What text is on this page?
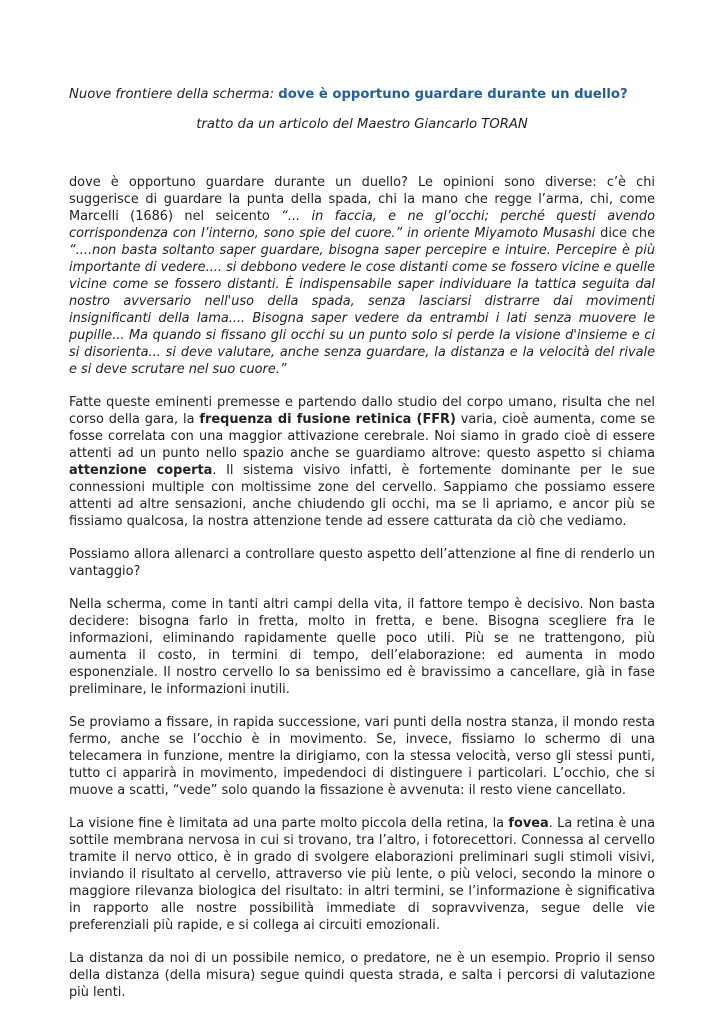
Nuove frontiere della scherma: dove è opportuno guardare durante un duello?

tratto da un articolo del Maestro Giancarlo TORAN

dove è opportuno guardare durante un duello? Le opinioni sono diverse: c’è chi suggerisce di guardare la punta della spada, chi la mano che regge l’arma, chi, come Marcelli (1686) nel seicento “... in faccia, e ne gl’occhi; perché questi avendo corrispondenza con l’interno, sono spie del cuore.” in oriente Miyamoto Musashi dice che “....non basta soltanto saper guardare, bisogna saper percepire e intuire. Percepire è più importante di vedere.... si debbono vedere le cose distanti come se fossero vicine e quelle vicine come se fossero distanti. È indispensabile saper individuare la tattica seguita dal nostro avversario nell'uso della spada, senza lasciarsi distrarre dai movimenti insignificanti della lama.... Bisogna saper vedere da entrambi i lati senza muovere le pupille... Ma quando si fissano gli occhi su un punto solo si perde la visione d'insieme e ci si disorienta... si deve valutare, anche senza guardare, la distanza e la velocità del rivale e si deve scrutare nel suo cuore.”

Fatte queste eminenti premesse e partendo dallo studio del corpo umano, risulta che nel corso della gara, la frequenza di fusione retinica (FFR) varia, cioè aumenta, come se fosse correlata con una maggior attivazione cerebrale. Noi siamo in grado cioè di essere attenti ad un punto nello spazio anche se guardiamo altrove: questo aspetto si chiama attenzione coperta. Il sistema visivo infatti, è fortemente dominante per le sue connessioni multiple con moltissime zone del cervello. Sappiamo che possiamo essere attenti ad altre sensazioni, anche chiudendo gli occhi, ma se li apriamo, e ancor più se fissiamo qualcosa, la nostra attenzione tende ad essere catturata da ciò che vediamo.

Possiamo allora allenarci a controllare questo aspetto dell’attenzione al fine di renderlo un vantaggio?

Nella scherma, come in tanti altri campi della vita, il fattore tempo è decisivo. Non basta decidere: bisogna farlo in fretta, molto in fretta, e bene. Bisogna scegliere fra le informazioni, eliminando rapidamente quelle poco utili. Più se ne trattengono, più aumenta il costo, in termini di tempo, dell’elaborazione: ed aumenta in modo esponenziale. Il nostro cervello lo sa benissimo ed è bravissimo a cancellare, già in fase preliminare, le informazioni inutili.

Se proviamo a fissare, in rapida successione, vari punti della nostra stanza, il mondo resta fermo, anche se l’occhio è in movimento. Se, invece, fissiamo lo schermo di una telecamera in funzione, mentre la dirigiamo, con la stessa velocità, verso gli stessi punti, tutto ci apparirà in movimento, impedendoci di distinguere i particolari. L’occhio, che si muove a scatti, “vede” solo quando la fissazione è avvenuta: il resto viene cancellato.

La visione fine è limitata ad una parte molto piccola della retina, la fovea. La retina è una sottile membrana nervosa in cui si trovano, tra l’altro, i fotorecettori. Connessa al cervello tramite il nervo ottico, è in grado di svolgere elaborazioni preliminari sugli stimoli visivi, inviando il risultato al cervello, attraverso vie più lente, o più veloci, secondo la minore o maggiore rilevanza biologica del risultato: in altri termini, se l’informazione è significativa in rapporto alle nostre possibilità immediate di sopravvivenza, segue delle vie preferenziali più rapide, e si collega ai circuiti emozionali.

La distanza da noi di un possibile nemico, o predatore, ne è un esempio. Proprio il senso della distanza (della misura) segue quindi questa strada, e salta i percorsi di valutazione più lenti.
